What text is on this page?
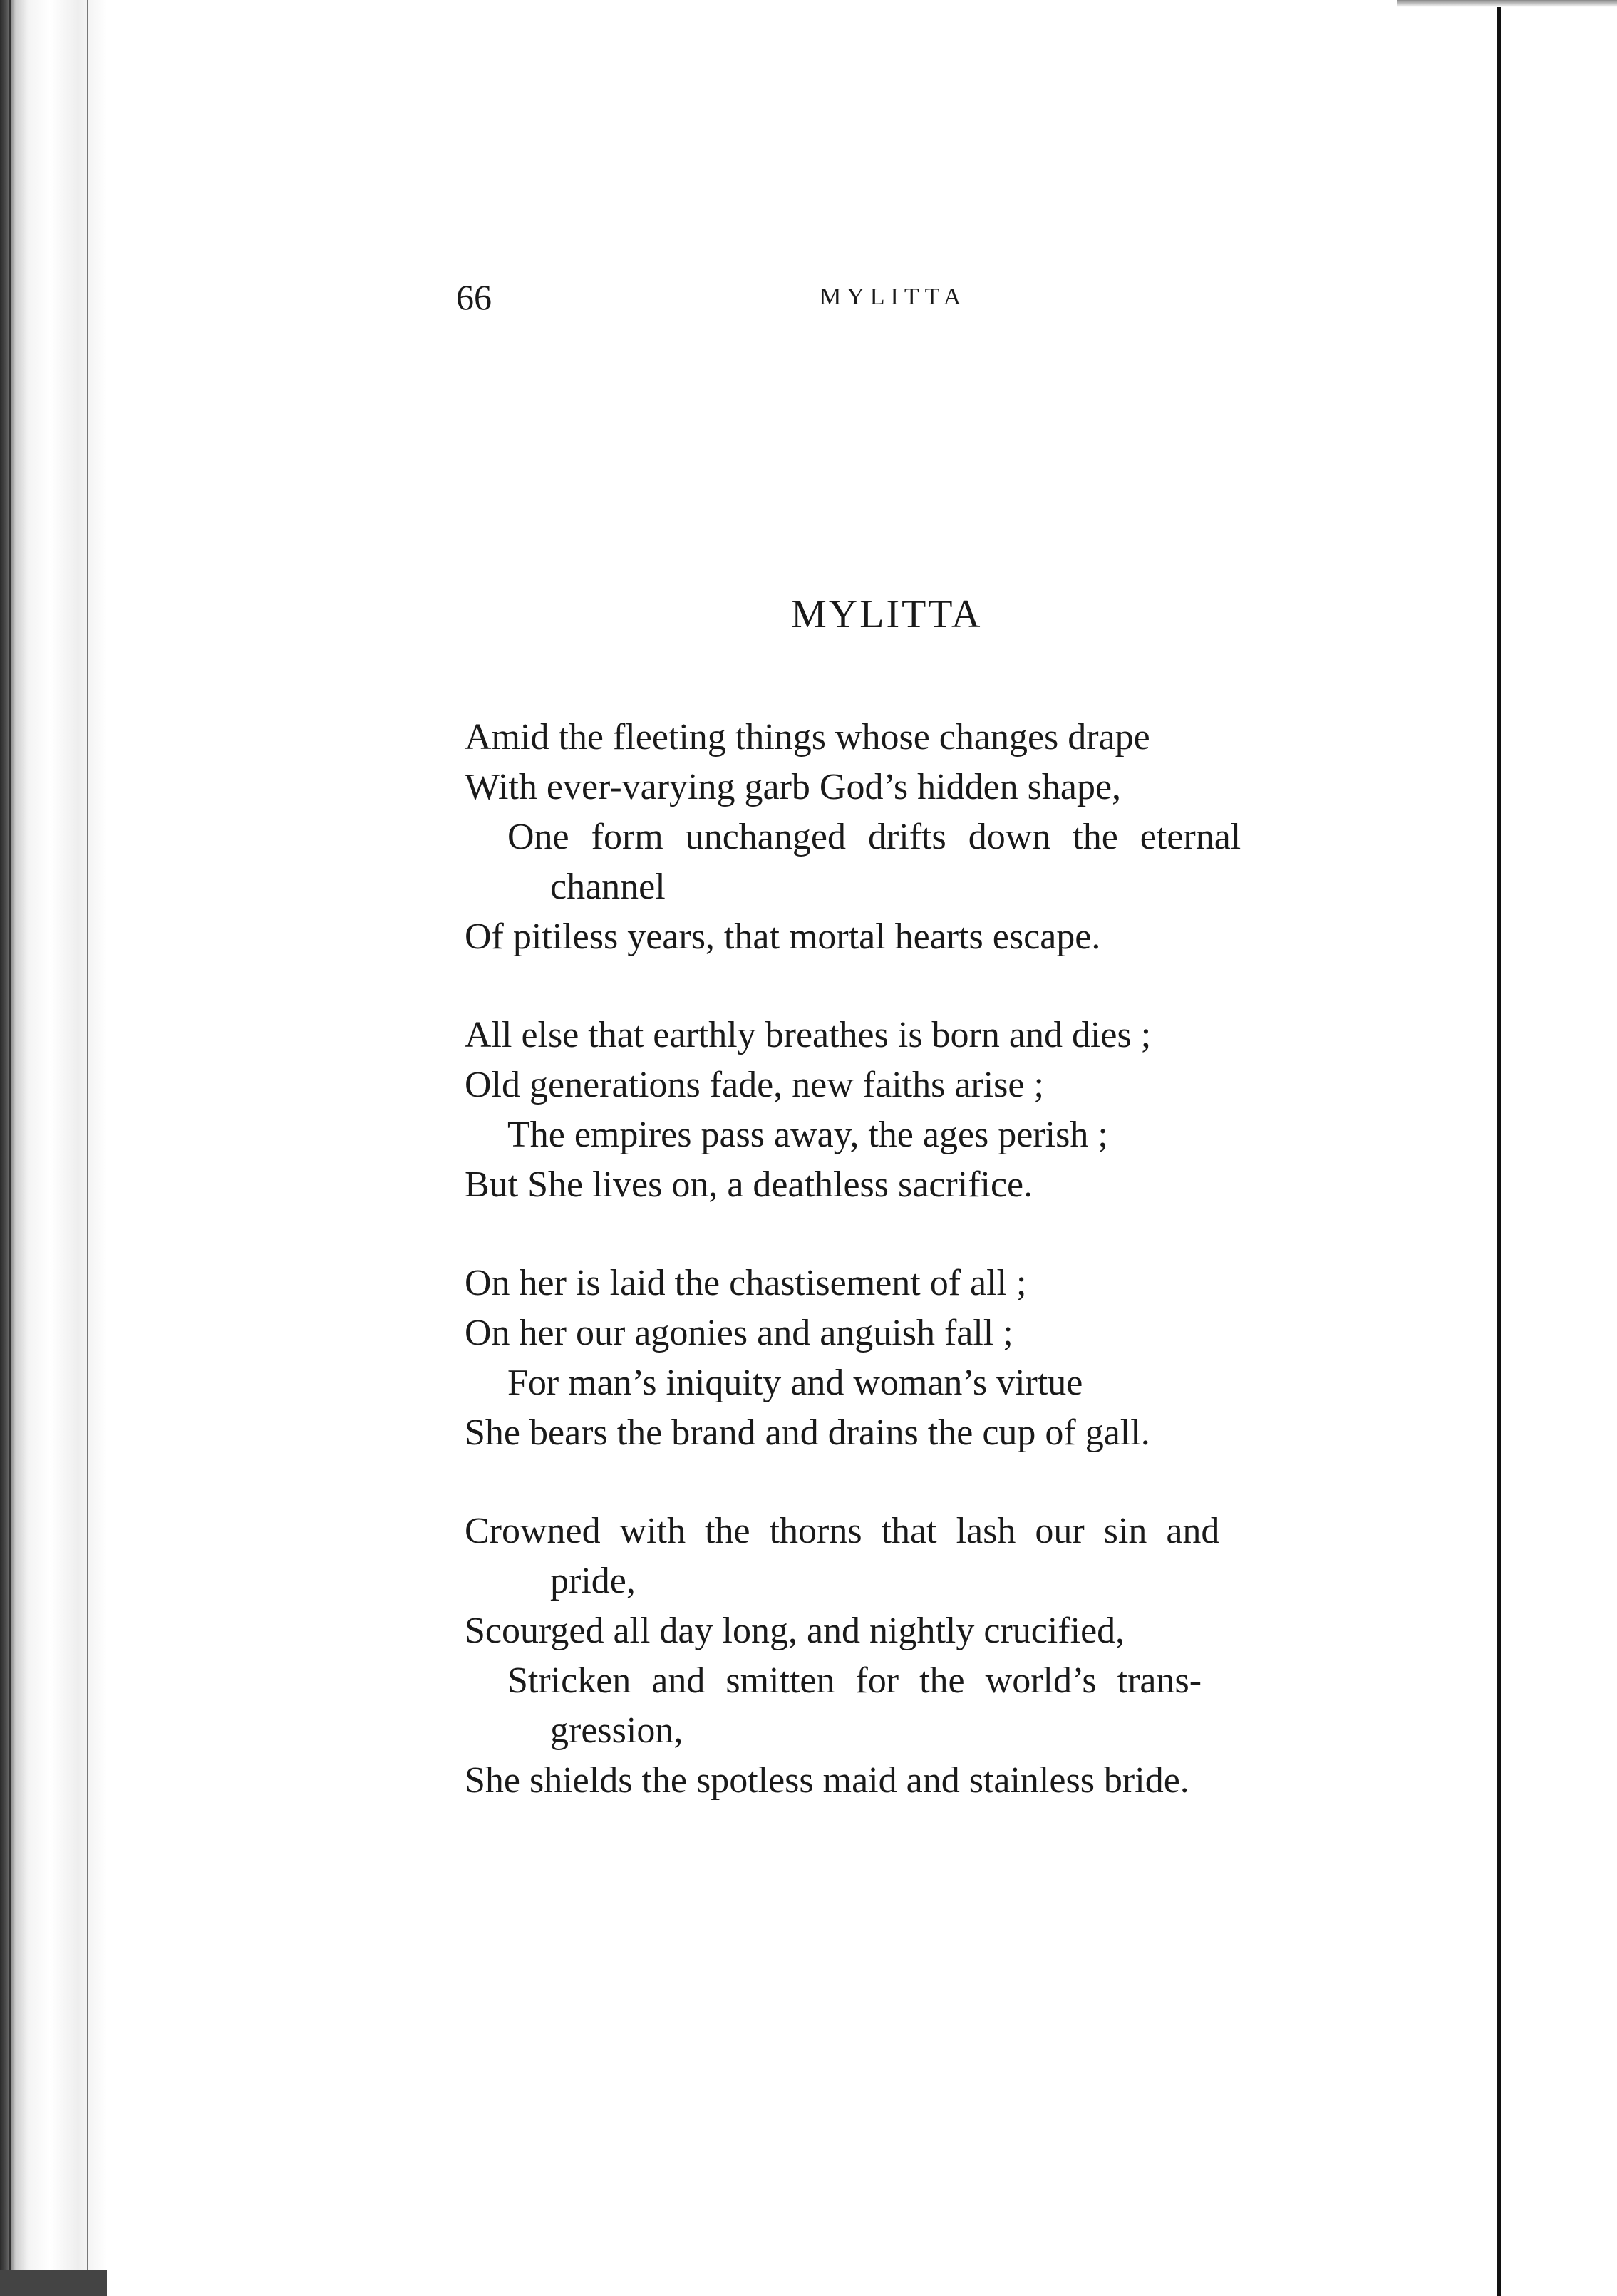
66	MYLITTA
MYLITTA
Amid the fleeting things whose changes drape
With ever-varying garb God’s hidden shape,
One form unchanged drifts down the eternal
channel
Of pitiless years, that mortal hearts escape.
All else that earthly breathes is born and dies ;
Old generations fade, new faiths arise ;
The empires pass away, the ages perish ;
But She lives on, a deathless sacrifice.
On her is laid the chastisement of all ;
On her our agonies and anguish fall ;
For man’s iniquity and woman’s virtue
She bears the brand and drains the cup of gall.
Crowned with the thorns that lash our sin and
pride,
Scourged all day long, and nightly crucified,
Stricken and smitten for the world’s trans-
gression,
She shields the spotless maid and stainless bride.
